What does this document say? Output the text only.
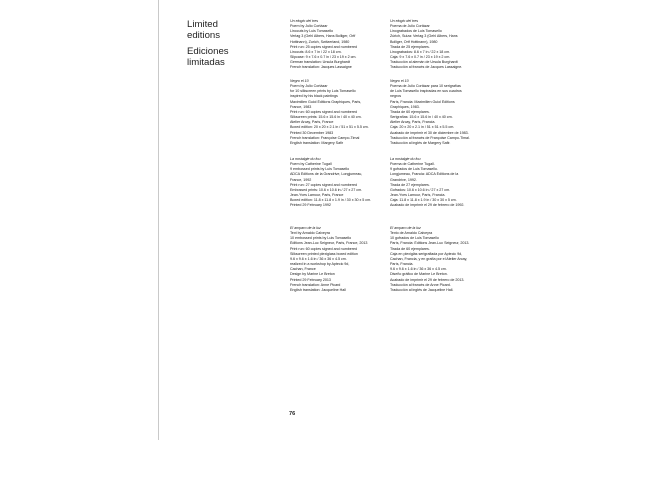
Limited
editions
Ediciones
limitadas
Un elogio del tres
Poem by Julio Cortázar
Linocuts by Luis Tomasello
Verlag 3 (Gehl Albers, Hans Bolliger, Ortf
Hottinann), Zurich, Switzerland, 1980
Print run: 25 copies signed and numbered
Linocuts: 8.6 x 7 in / 22 x 18 cm.
Slipcase: 9 x 7.6 x 0.7 in / 23 x 19 x 2 cm.
German translation: Ursula Burghardt
French translation: Jacques Lassaigne
Negro el 10
Poem by Julio Cortázar
for 10 silkscreen prints by Luis Tomasello
inspired by his black paintings
Maximilien Guiol Éditions Graphiques, Paris,
France, 1983
Print run: 60 copies signed and numbered
Silkscreen prints: 15.6 x 15.6 in / 40 x 40 cm.
Atelier Arcay, Paris, France
Boxed edition: 20 x 20 x 2.1 in / 51 x 51 x 5.5 cm.
Printed 30 December 1983
French translation: Françoise Campo-Timal
English translation: Margery Safir
La nostalgie du fou
Poem by Catherine Tugall
9 embossed prints by Luis Tomasello
ADCA Éditions de la Grandrive, Longjumeau,
France, 1992
Print run: 27 copies signed and numbered
Embossed prints: 10.6 x 10.6 in / 27 x 27 cm.
Jean-Yves Lamour, Paris, France
Boxed edition: 11.8 x 11.8 x 1.9 in / 30 x 30 x 5 cm.
Printed 29 February 1992
El amparo de la luz
Text by Arnaldo Calveyra
10 embossed prints by Luis Tomasello
Éditions Jean-Luc Seigneur, Paris, France, 2013
Print run: 60 copies signed and numbered
Silkscreen printed plexiglass boxed edition
9.6 x 9.6 x 1.6 in / 36 x 36 x 4.5 cm.
realized in a workshop by Aptecic 9d,
Cachan, France
Design by Marine Le Breton
Printed 29 February 2013
French translation: Anne Picard
English translation: Jacqueline Hall
Un elogio del tres
Poema de Julio Cortázar
Linograbados de Luis Tomasello
Zúrich, Suiza: Verlag 3 (Gehl Albers, Hans
Bolliger, Ortf Hottinann), 1980
Tirada de 25 ejemplares.
Linograbados: 8.6 x 7 in / 22 x 18 cm.
Caja: 9 x 7.6 x 0.7 in / 23 x 19 x 2 cm.
Traducción al alemán de Ursula Burghardt
Traducción al francés de Jacques Lassaigne.
Negro el 10
Poema de Julio Cortázar para 10 serigrafías
de Luis Tomasello inspiradas en sus cuadros
negros
París, Francia: Maximilien Guiol Éditions
Graphiques, 1983.
Tirada de 60 ejemplares.
Serigrafías: 15.6 x 15.6 in / 40 x 40 cm.
Atelier Arcay, París, Francia.
Caja: 20 x 20 x 2.1 in / 51 x 51 x 5.5 cm.
Acabado de imprimir el 30 de diciembre de 1983.
Traducción al francés de Françoise Campo-Timal.
Traducción al inglés de Margery Safir.
La nostalgie du fou
Poema de Catherine Tugall.
9 gofrados de Luis Tomasello.
Longjumeau, Francia: ADCA Éditions de la
Grandrive, 1992.
Tirada de 27 ejemplares.
Gofrados: 10.6 x 10.6 in / 27 x 27 cm.
Jean-Yves Lamour, París, Francia.
Caja: 11.8 x 11.8 x 1.9 in / 30 x 30 x 5 cm.
Acabado de imprimir el 29 de febrero de 1992.
El amparo de la luz
Texto de Arnaldo Calveyra
10 gofrados de Luis Tomasello
París, Francia: Éditions Jean-Luc Seigneur, 2013.
Tirada de 60 ejemplares.
Caja en plexiglás serigrafiada por Aptecic 9d,
Cachan, Francia, y en grafía por el Atelier Arcay,
París, Francia.
9.6 x 9.6 x 1.6 in / 36 x 36 x 4.5 cm.
Diseño gráfico de Marine Le Breton.
Acabado de imprimir el 29 de febrero de 2013.
Traducción al francés de Anne Picard.
Traducción al inglés de Jacqueline Hall.
76
